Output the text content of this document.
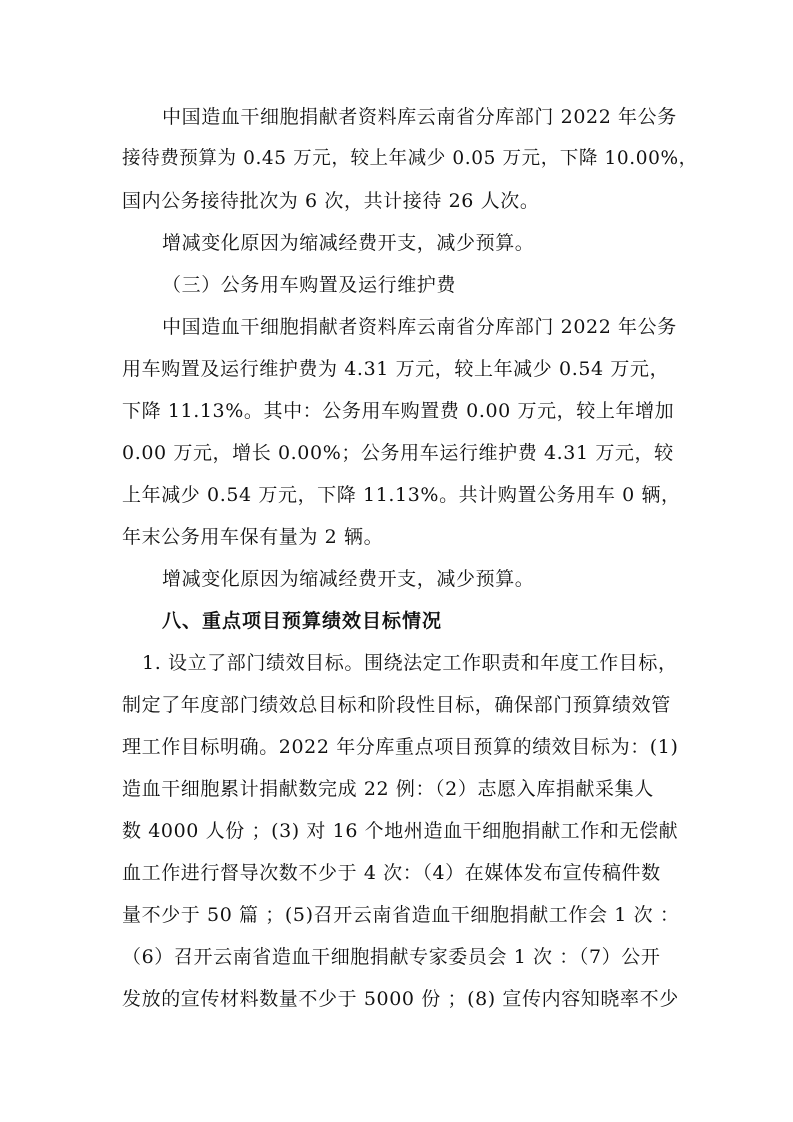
中国造血干细胞捐献者资料库云南省分库部门 2022 年公务
接待费预算为 0.45 万元，较上年减少 0.05 万元，下降 10.00%，
国内公务接待批次为 6 次，共计接待 26 人次。
增减变化原因为缩减经费开支，减少预算。
（三）公务用车购置及运行维护费
中国造血干细胞捐献者资料库云南省分库部门 2022 年公务
用车购置及运行维护费为 4.31 万元，较上年减少 0.54 万元，
下降 11.13%。其中：公务用车购置费 0.00 万元，较上年增加
0.00 万元，增长 0.00%；公务用车运行维护费 4.31 万元，较
上年减少 0.54 万元，下降 11.13%。共计购置公务用车 0 辆，
年末公务用车保有量为 2 辆。
增减变化原因为缩减经费开支，减少预算。
八、重点项目预算绩效目标情况
1. 设立了部门绩效目标。围绕法定工作职责和年度工作目标，
制定了年度部门绩效总目标和阶段性目标，确保部门预算绩效管
理工作目标明确。2022 年分库重点项目预算的绩效目标为：(1)
造血干细胞累计捐献数完成 22 例：（2）志愿入库捐献采集人
数 4000 人份 ；(3) 对 16 个地州造血干细胞捐献工作和无偿献
血工作进行督导次数不少于 4 次：（4）在媒体发布宣传稿件数
量不少于 50 篇 ；(5)召开云南省造血干细胞捐献工作会 1 次 ：
（6）召开云南省造血干细胞捐献专家委员会 1 次 ：（7）公开
发放的宣传材料数量不少于 5000 份 ；(8) 宣传内容知晓率不少
